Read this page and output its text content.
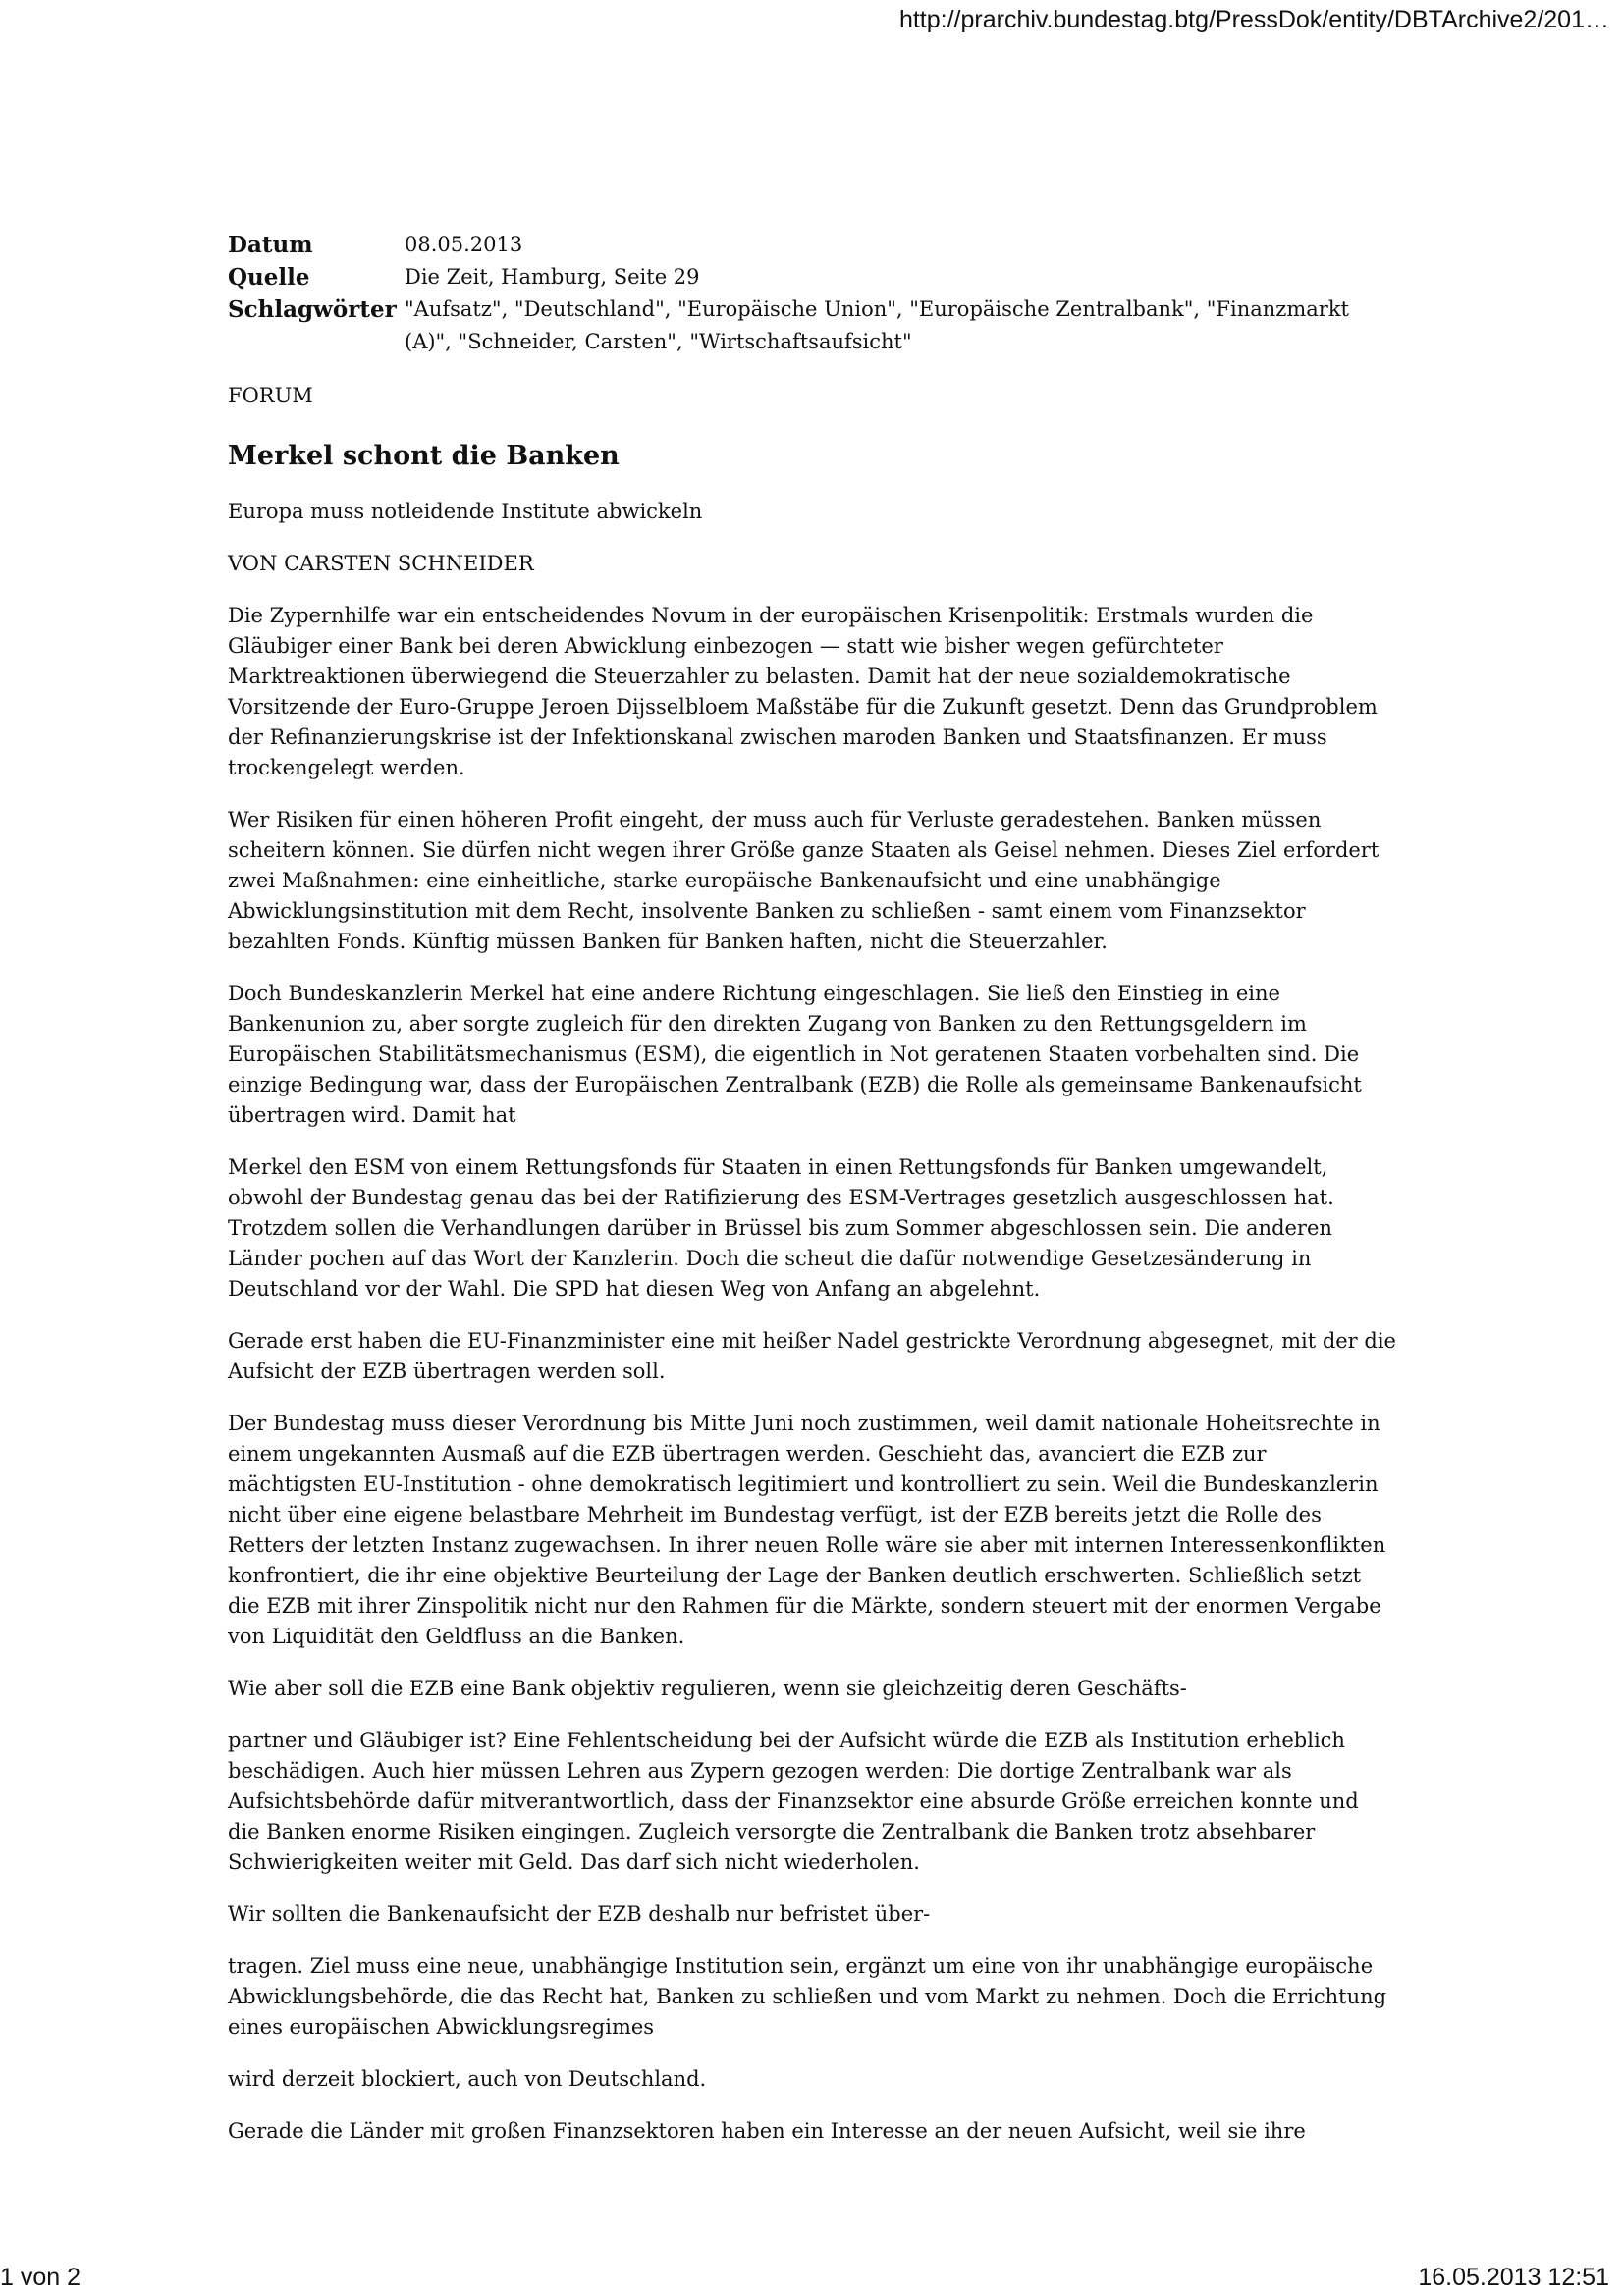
http://prarchiv.bundestag.btg/PressDok/entity/DBTArchive2/201…
Datum	08.05.2013
Quelle	Die Zeit, Hamburg, Seite 29
Schlagwörter "Aufsatz", "Deutschland", "Europäische Union", "Europäische Zentralbank", "Finanzmarkt (A)", "Schneider, Carsten", "Wirtschaftsaufsicht"
FORUM
Merkel schont die Banken
Europa muss notleidende Institute abwickeln
VON CARSTEN SCHNEIDER

Die Zypernhilfe war ein entscheidendes Novum in der europäischen Krisenpolitik: Erstmals wurden die Gläubiger einer Bank bei deren Abwicklung einbezogen — statt wie bisher wegen gefürchteter Marktreaktionen überwiegend die Steuerzahler zu belasten. Damit hat der neue sozialdemokratische Vorsitzende der Euro-Gruppe Jeroen Dijsselbloem Maßstäbe für die Zukunft gesetzt. Denn das Grundproblem der Refinanzierungskrise ist der Infektionskanal zwischen maroden Banken und Staatsfinanzen. Er muss trockengelegt werden.

Wer Risiken für einen höheren Profit eingeht, der muss auch für Verluste geradestehen. Banken müssen scheitern können. Sie dürfen nicht wegen ihrer Größe ganze Staaten als Geisel nehmen. Dieses Ziel erfordert zwei Maßnahmen: eine einheitliche, starke europäische Bankenaufsicht und eine unabhängige Abwicklungsinstitution mit dem Recht, insolvente Banken zu schließen - samt einem vom Finanzsektor bezahlten Fonds. Künftig müssen Banken für Banken haften, nicht die Steuerzahler.

Doch Bundeskanzlerin Merkel hat eine andere Richtung eingeschlagen. Sie ließ den Einstieg in eine Bankenunion zu, aber sorgte zugleich für den direkten Zugang von Banken zu den Rettungsgeldern im Europäischen Stabilitätsmechanismus (ESM), die eigentlich in Not geratenen Staaten vorbehalten sind. Die einzige Bedingung war, dass der Europäischen Zentralbank (EZB) die Rolle als gemeinsame Bankenaufsicht übertragen wird. Damit hat

Merkel den ESM von einem Rettungsfonds für Staaten in einen Rettungsfonds für Banken umgewandelt, obwohl der Bundestag genau das bei der Ratifizierung des ESM-Vertrages gesetzlich ausgeschlossen hat. Trotzdem sollen die Verhandlungen darüber in Brüssel bis zum Sommer abgeschlossen sein. Die anderen Länder pochen auf das Wort der Kanzlerin. Doch die scheut die dafür notwendige Gesetzesänderung in Deutschland vor der Wahl. Die SPD hat diesen Weg von Anfang an abgelehnt.

Gerade erst haben die EU-Finanzminister eine mit heißer Nadel gestrickte Verordnung abgesegnet, mit der die Aufsicht der EZB übertragen werden soll.

Der Bundestag muss dieser Verordnung bis Mitte Juni noch zustimmen, weil damit nationale Hoheitsrechte in einem ungekannten Ausmaß auf die EZB übertragen werden. Geschieht das, avanciert die EZB zur mächtigsten EU-Institution - ohne demokratisch legitimiert und kontrolliert zu sein. Weil die Bundeskanzlerin nicht über eine eigene belastbare Mehrheit im Bundestag verfügt, ist der EZB bereits jetzt die Rolle des Retters der letzten Instanz zugewachsen. In ihrer neuen Rolle wäre sie aber mit internen Interessenkonflikten konfrontiert, die ihr eine objektive Beurteilung der Lage der Banken deutlich erschwerten. Schließlich setzt die EZB mit ihrer Zinspolitik nicht nur den Rahmen für die Märkte, sondern steuert mit der enormen Vergabe von Liquidität den Geldfluss an die Banken.

Wie aber soll die EZB eine Bank objektiv regulieren, wenn sie gleichzeitig deren Geschäfts-

partner und Gläubiger ist? Eine Fehlentscheidung bei der Aufsicht würde die EZB als Institution erheblich beschädigen. Auch hier müssen Lehren aus Zypern gezogen werden: Die dortige Zentralbank war als Aufsichtsbehörde dafür mitverantwortlich, dass der Finanzsektor eine absurde Größe erreichen konnte und die Banken enorme Risiken eingingen. Zugleich versorgte die Zentralbank die Banken trotz absehbarer Schwierigkeiten weiter mit Geld. Das darf sich nicht wiederholen.

Wir sollten die Bankenaufsicht der EZB deshalb nur befristet über-

tragen. Ziel muss eine neue, unabhängige Institution sein, ergänzt um eine von ihr unabhängige europäische Abwicklungsbehörde, die das Recht hat, Banken zu schließen und vom Markt zu nehmen. Doch die Errichtung eines europäischen Abwicklungsregimes

wird derzeit blockiert, auch von Deutschland.

Gerade die Länder mit großen Finanzsektoren haben ein Interesse an der neuen Aufsicht, weil sie ihre

1 von 2	16.05.2013 12:51
